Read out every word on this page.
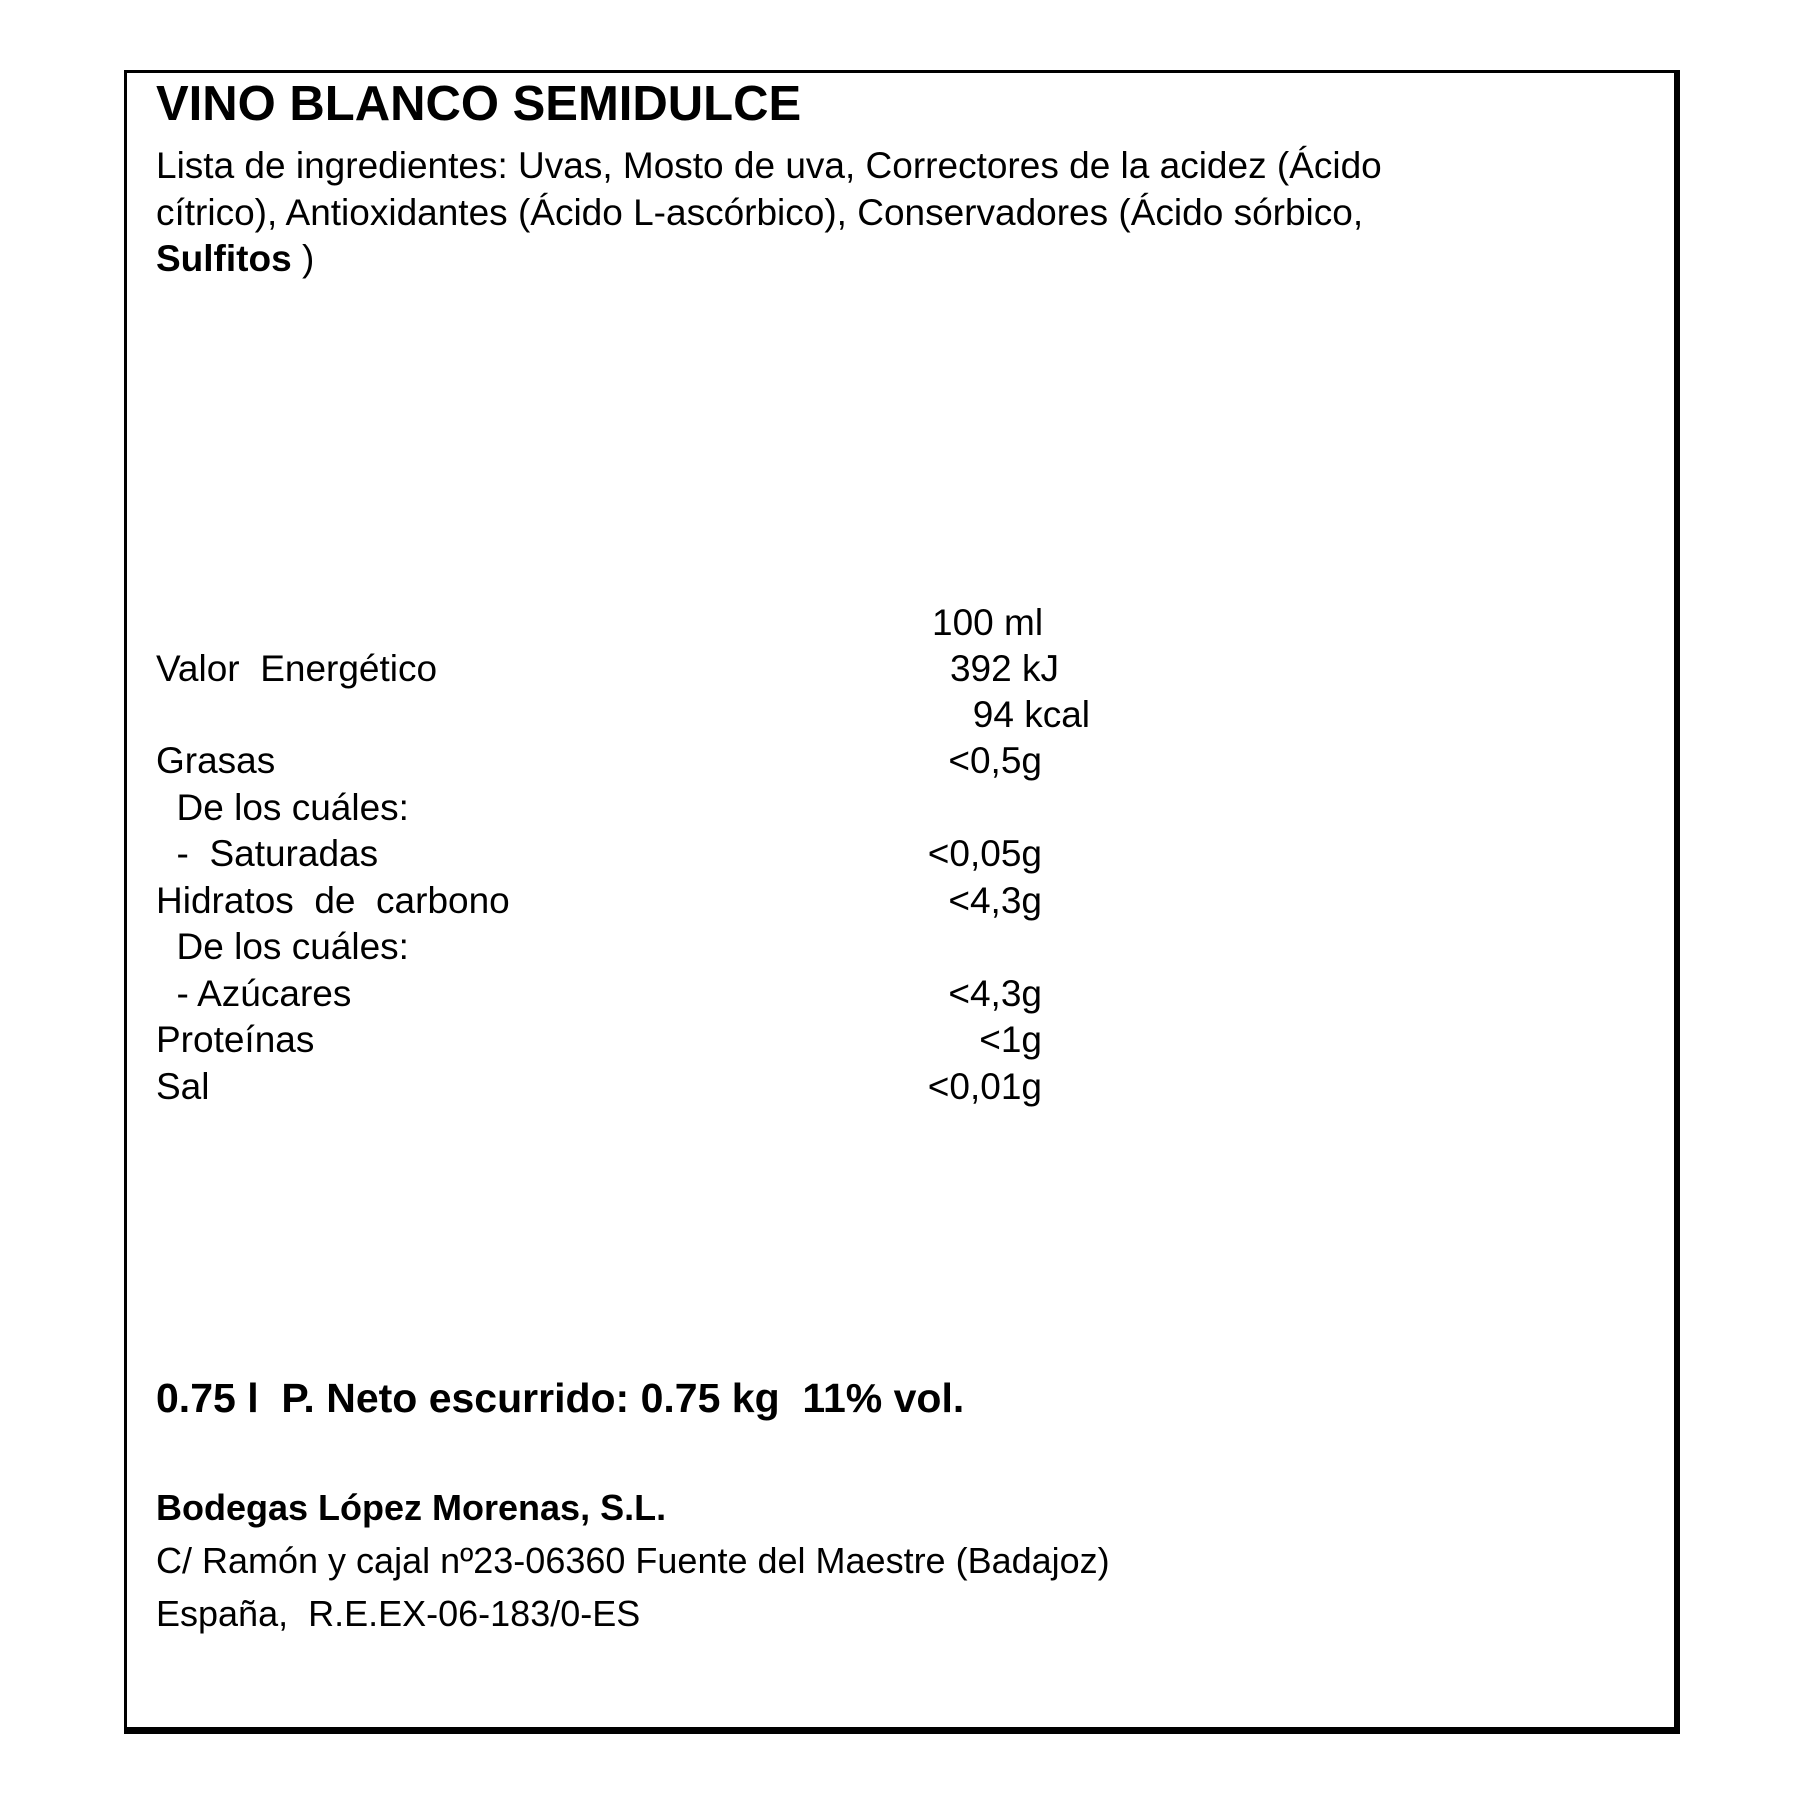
VINO BLANCO SEMIDULCE
Lista de ingredientes: Uvas, Mosto de uva, Correctores de la acidez (Ácido
cítrico), Antioxidantes (Ácido L-ascórbico), Conservadores (Ácido sórbico,
Sulfitos )
100 ml
Valor  Energético	392 kJ
94 kcal
Grasas	<0,5g
De los cuáles:
-  Saturadas	<0,05g
Hidratos  de  carbono	<4,3g
De los cuáles:
- Azúcares	<4,3g
Proteínas	<1g
Sal	<0,01g
0.75 l  P. Neto escurrido: 0.75 kg  11% vol.
Bodegas López Morenas, S.L.
C/ Ramón y cajal nº23-06360 Fuente del Maestre (Badajoz)
España,  R.E.EX-06-183/0-ES
